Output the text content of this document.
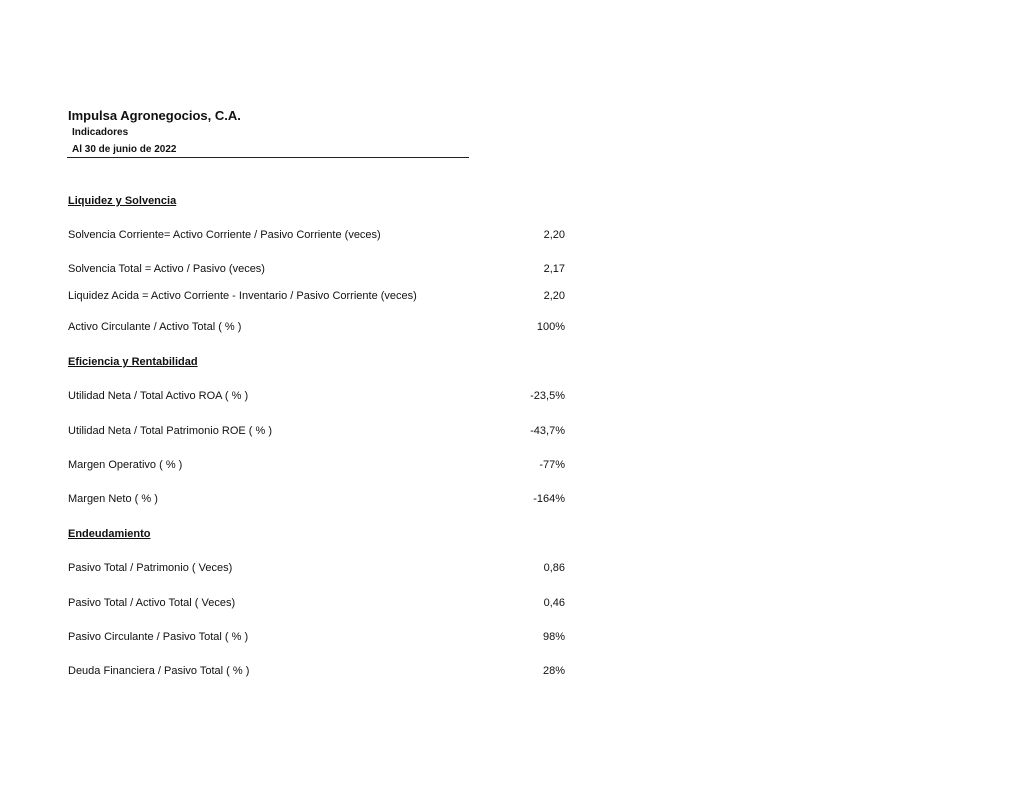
Impulsa Agronegocios, C.A.
Indicadores
Al 30 de junio de 2022
Liquidez y Solvencia
Solvencia Corriente= Activo Corriente / Pasivo Corriente (veces)	2,20
Solvencia Total = Activo / Pasivo (veces)	2,17
Liquidez Acida = Activo Corriente - Inventario / Pasivo Corriente (veces)	2,20
Activo Circulante / Activo Total ( % )	100%
Eficiencia y Rentabilidad
Utilidad Neta / Total Activo ROA ( % )	-23,5%
Utilidad Neta / Total Patrimonio ROE ( % )	-43,7%
Margen Operativo ( % )	-77%
Margen Neto ( % )	-164%
Endeudamiento
Pasivo Total / Patrimonio ( Veces)	0,86
Pasivo Total / Activo Total ( Veces)	0,46
Pasivo Circulante / Pasivo Total ( % )	98%
Deuda Financiera / Pasivo Total ( % )	28%
